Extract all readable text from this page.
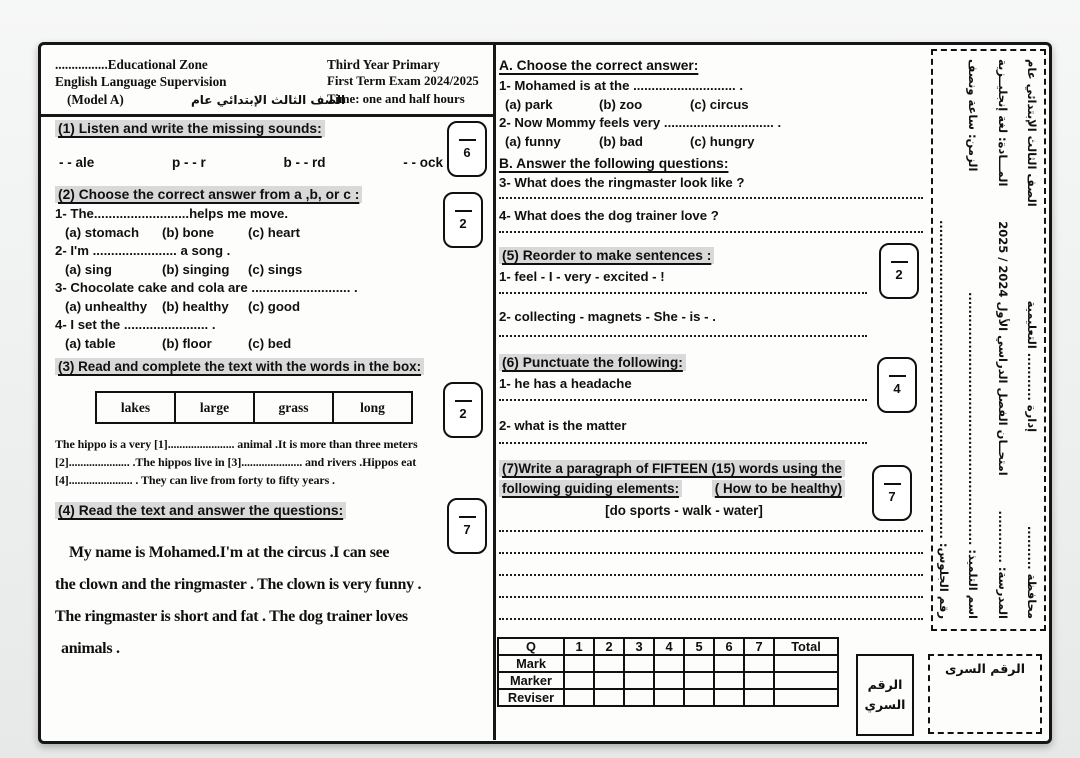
................Educational Zone
English Language Supervision
(Model A)	الصف الثالث الإبتدائي عام
Third Year Primary
First Term Exam 2024/2025
Time: one and half hours
(1) Listen and write the missing sounds:
6
- - ale	p - - r	b - - rd	- - ock
(2) Choose the correct answer from a ,b, or c :
2
1- The..........................helps me move.
(a) stomach	(b) bone	(c) heart
2- I'm ....................... a song .
(a) sing	(b) singing	(c) sings
3- Chocolate cake and cola are ........................... .
(a) unhealthy	(b) healthy	(c) good
4- I set the ....................... .
(a) table	(b) floor	(c) bed
(3) Read and complete the text with the words in the box:
2
lakes	large	grass	long
The hippo is a very [1]....................... animal .It is more than three meters
[2]..................... .The hippos live in [3]..................... and rivers .Hippos eat
[4]...................... . They can live from forty to fifty years .
(4) Read the text and answer the questions:
7
My name is Mohamed.I'm at the circus .I can see
the clown and the ringmaster . The clown is very funny .
The ringmaster is short and fat . The dog trainer loves
animals .
A. Choose the correct answer:
1- Mohamed is at the ............................ .
(a) park	(b) zoo	(c) circus
2- Now Mommy feels very .............................. .
(a) funny	(b) bad	(c) hungry
B. Answer the following questions:
3- What does the ringmaster look like ?
4- What does the dog trainer love ?
(5) Reorder to make sentences :
2
1- feel - I - very - excited - !
2- collecting - magnets - She - is - .
(6) Punctuate the following:
4
1- he has a headache
2- what is the matter
(7)Write a paragraph of FIFTEEN (15) words using the
following guiding elements:	( How to be healthy)	7
[do sports - walk - water]
Q	1	2	3	4	5	6	7	Total
Mark								
Marker								
Reviser								
الرقم السري
الرقم السرى
محافظة ..........
إدارة ........... التعليمية
الصف الثالث الإبتدائي عام
المدرسة: ............
امتحــان الفصل الدراسي الأول 2025 / 2024
المـــادة: لغة إنجليــزية
اسم التلميذ: ..........................................................
الزمن: ساعة ونصف
رقم الجلوس: .........................................................................
